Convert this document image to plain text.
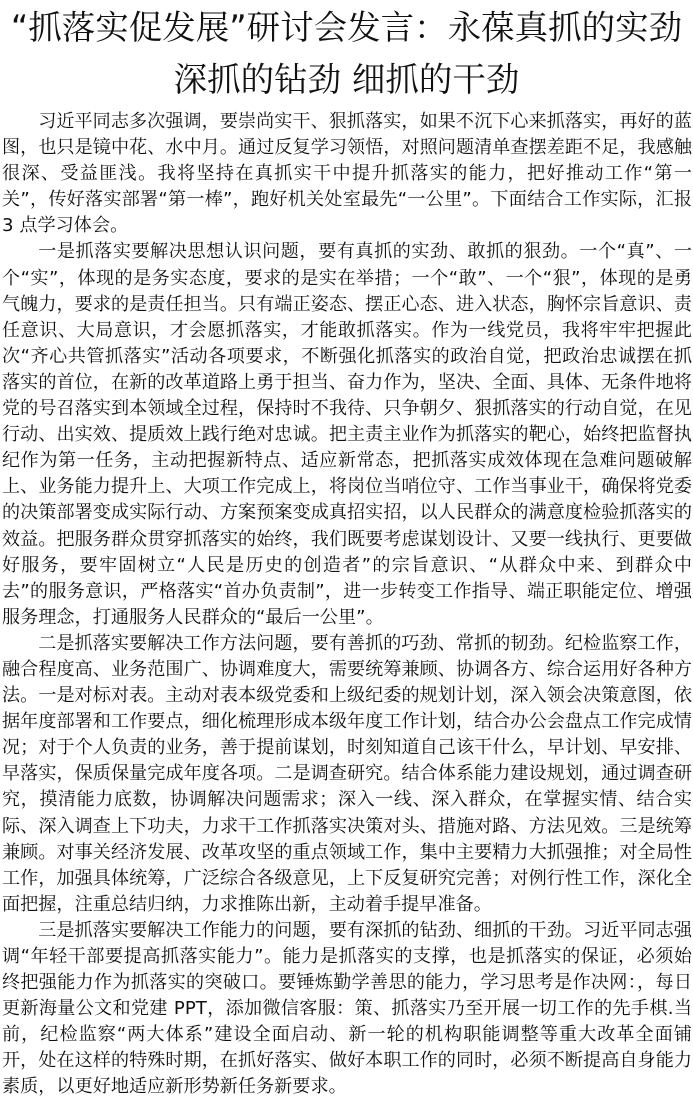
“抓落实促发展”研讨会发言：永葆真抓的实劲 深抓的钻劲 细抓的干劲

习近平同志多次强调，要崇尚实干、狠抓落实，如果不沉下心来抓落实，再好的蓝图，也只是镜中花、水中月。通过反复学习领悟，对照问题清单查摆差距不足，我感触很深、受益匪浅。我将坚持在真抓实干中提升抓落实的能力，把好推动工作“第一关”，传好落实部署“第一棒”，跑好机关处室最先“一公里”。下面结合工作实际，汇报 3 点学习体会。

一是抓落实要解决思想认识问题，要有真抓的实劲、敢抓的狠劲。一个“真”、一个“实”，体现的是务实态度，要求的是实在举措；一个“敢”、一个“狠”，体现的是勇气魄力，要求的是责任担当。只有端正姿态、摆正心态、进入状态，胸怀宗旨意识、责任意识、大局意识，才会愿抓落实，才能敢抓落实。作为一线党员，我将牢牢把握此次“齐心共管抓落实”活动各项要求，不断强化抓落实的政治自觉，把政治忠诚摆在抓落实的首位，在新的改革道路上勇于担当、奋力作为，坚决、全面、具体、无条件地将党的号召落实到本领域全过程，保持时不我待、只争朝夕、狠抓落实的行动自觉，在见行动、出实效、提质效上践行绝对忠诚。把主责主业作为抓落实的靶心，始终把监督执纪作为第一任务，主动把握新特点、适应新常态，把抓落实成效体现在急难问题破解上、业务能力提升上、大项工作完成上，将岗位当哨位守、工作当事业干，确保将党委的决策部署变成实际行动、方案预案变成真招实招，以人民群众的满意度检验抓落实的效益。把服务群众贯穿抓落实的始终，我们既要考虑谋划设计、又要一线执行、更要做好服务，要牢固树立“人民是历史的创造者”的宗旨意识、“从群众中来、到群众中去”的服务意识，严格落实“首办负责制”，进一步转变工作指导、端正职能定位、增强服务理念，打通服务人民群众的“最后一公里”。

二是抓落实要解决工作方法问题，要有善抓的巧劲、常抓的韧劲。纪检监察工作，融合程度高、业务范围广、协调难度大，需要统筹兼顾、协调各方、综合运用好各种方法。一是对标对表。主动对表本级党委和上级纪委的规划计划，深入领会决策意图，依据年度部署和工作要点，细化梳理形成本级年度工作计划，结合办公会盘点工作完成情况；对于个人负责的业务，善于提前谋划，时刻知道自己该干什么，早计划、早安排、早落实，保质保量完成年度各项。二是调查研究。结合体系能力建设规划，通过调查研究，摸清能力底数，协调解决问题需求；深入一线、深入群众，在掌握实情、结合实际、深入调查上下功夫，力求干工作抓落实决策对头、措施对路、方法见效。三是统筹兼顾。对事关经济发展、改革攻坚的重点领域工作，集中主要精力大抓强推；对全局性工作，加强具体统筹，广泛综合各级意见，上下反复研究完善；对例行性工作，深化全面把握，注重总结归纳，力求推陈出新，主动着手提早准备。

三是抓落实要解决工作能力的问题，要有深抓的钻劲、细抓的干劲。习近平同志强调“年轻干部要提高抓落实能力”。能力是抓落实的支撑，也是抓落实的保证，必须始终把强能力作为抓落实的突破口。要锤炼勤学善思的能力，学习思考是作决网：，每日更新海量公文和党建 PPT，添加微信客服：策、抓落实乃至开展一切工作的先手棋.当前，纪检监察“两大体系”建设全面启动、新一轮的机构职能调整等重大改革全面铺开，处在这样的特殊时期，在抓好落实、做好本职工作的同时，必须不断提高自身能力素质，以更好地适应新形势新任务新要求。
